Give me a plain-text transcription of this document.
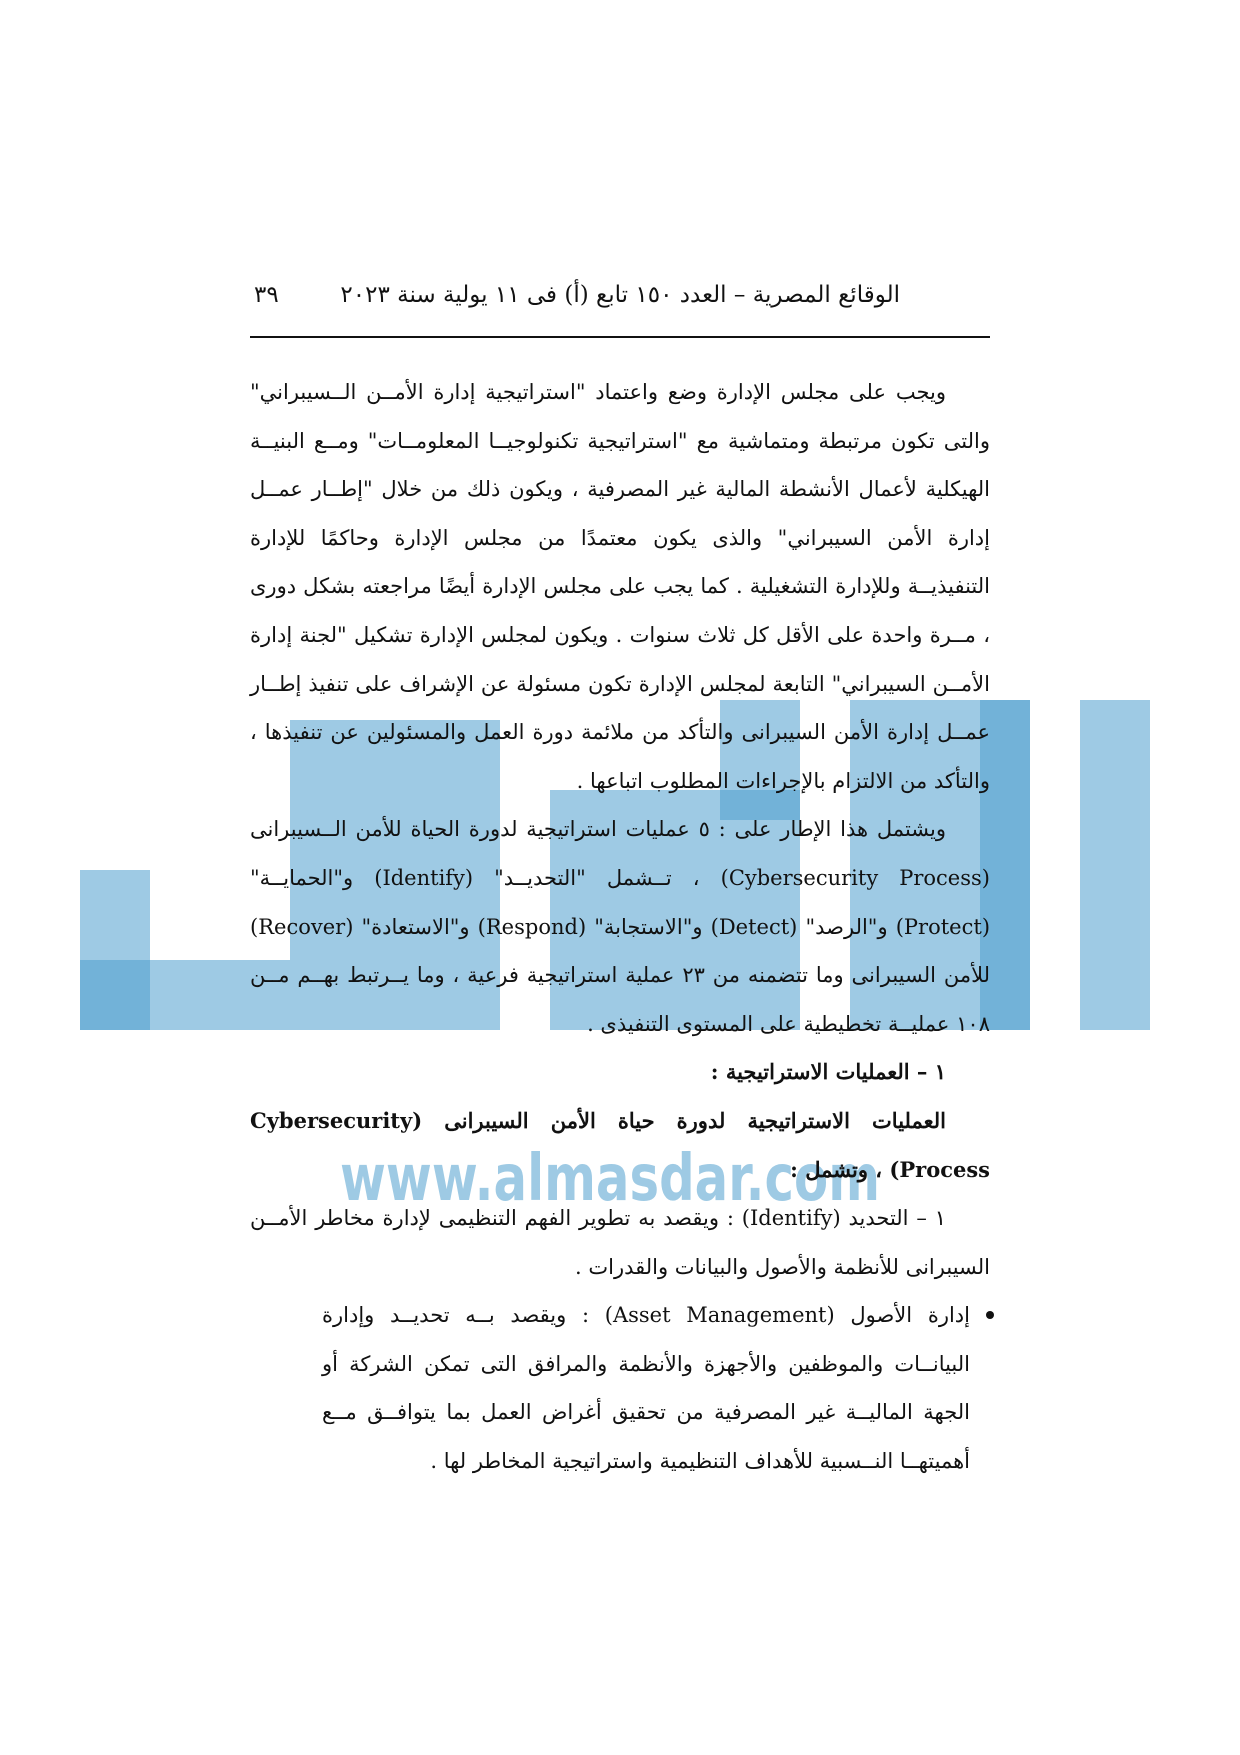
www.almasdar.com
الوقائع المصرية – العدد ١٥٠ تابع (أ) فى ١١ يولية سنة ٢٠٢٣
٣٩

ويجب على مجلس الإدارة وضع واعتماد "استراتيجية إدارة الأمــن الــسيبراني" والتى تكون مرتبطة ومتماشية مع "استراتيجية تكنولوجيــا المعلومــات" ومــع البنيــة الهيكلية لأعمال الأنشطة المالية غير المصرفية ، ويكون ذلك من خلال "إطــار عمــل إدارة الأمن السيبراني" والذى يكون معتمدًا من مجلس الإدارة وحاكمًا للإدارة التنفيذيــة وللإدارة التشغيلية . كما يجب على مجلس الإدارة أيضًا مراجعته بشكل دورى ، مــرة واحدة على الأقل كل ثلاث سنوات . ويكون لمجلس الإدارة تشكيل "لجنة إدارة الأمــن السيبراني" التابعة لمجلس الإدارة تكون مسئولة عن الإشراف على تنفيذ إطــار عمــل إدارة الأمن السيبرانى والتأكد من ملائمة دورة العمل والمسئولين عن تنفيذها ، والتأكد من الالتزام بالإجراءات المطلوب اتباعها .

ويشتمل هذا الإطار على : ٥ عمليات استراتيجية لدورة الحياة للأمن الــسيبرانى (Cybersecurity Process) ، تــشمل "التحديــد" (Identify) و"الحمايــة" (Protect) و"الرصد" (Detect) و"الاستجابة" (Respond) و"الاستعادة" (Recover) للأمن السيبرانى وما تتضمنه من ٢٣ عملية استراتيجية فرعية ، وما يــرتبط بهــم مــن ١٠٨ عمليــة تخطيطية على المستوى التنفيذى .

١ – العمليات الاستراتيجية :

العمليات الاستراتيجية لدورة حياة الأمن السيبرانى (Cybersecurity Process) ، وتشمل :

١ – التحديد (Identify) : ويقصد به تطوير الفهم التنظيمى لإدارة مخاطر الأمــن السيبرانى للأنظمة والأصول والبيانات والقدرات .

إدارة الأصول (Asset Management) : ويقصد بــه تحديــد وإدارة البيانــات والموظفين والأجهزة والأنظمة والمرافق التى تمكن الشركة أو الجهة الماليــة غير المصرفية من تحقيق أغراض العمل بما يتوافــق مــع أهميتهــا النــسبية للأهداف التنظيمية واستراتيجية المخاطر لها .
